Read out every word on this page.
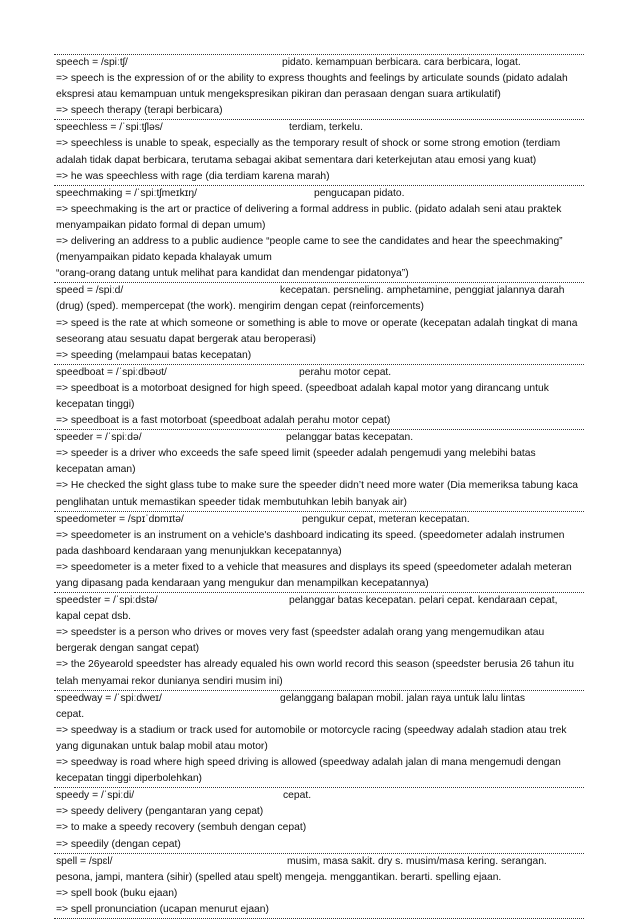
speech = /spiːtʃ/	pidato. kemampuan berbicara. cara berbicara, logat.
=> speech is the expression of or the ability to express thoughts and feelings by articulate sounds (pidato adalah ekspresi atau kemampuan untuk mengekspresikan pikiran dan perasaan dengan suara artikulatif)
=> speech therapy (terapi berbicara)
speechless = /ˈspiːtʃləs/	terdiam, terkelu.
=> speechless is unable to speak, especially as the temporary result of shock or some strong emotion (terdiam adalah tidak dapat berbicara, terutama sebagai akibat sementara dari keterkejutan atau emosi yang kuat)
=> he was speechless with rage (dia terdiam karena marah)
speechmaking = /ˈspiːtʃmeɪkɪŋ/	pengucapan pidato.
=> speechmaking is the art or practice of delivering a formal address in public. (pidato adalah seni atau praktek menyampaikan pidato formal di depan umum)
=> delivering an address to a public audience “people came to see the candidates and hear the speechmaking” (menyampaikan pidato kepada khalayak umum
“orang-orang datang untuk melihat para kandidat dan mendengar pidatonya”)
speed = /spiːd/	kecepatan. persneling. amphetamine, penggiat jalannya darah
(drug) (sped). mempercepat (the work). mengirim dengan cepat (reinforcements)
=> speed is the rate at which someone or something is able to move or operate (kecepatan adalah tingkat di mana seseorang atau sesuatu dapat bergerak atau beroperasi)
=> speeding (melampaui batas kecepatan)
speedboat = /ˈspiːdbəʊt/	perahu motor cepat.
=> speedboat is a motorboat designed for high speed. (speedboat adalah kapal motor yang dirancang untuk kecepatan tinggi)
=> speedboat is a fast motorboat (speedboat adalah perahu motor cepat)
speeder = /ˈspiːdə/	pelanggar batas kecepatan.
=> speeder is a driver who exceeds the safe speed limit (speeder adalah pengemudi yang melebihi batas kecepatan aman)
=> He checked the sight glass tube to make sure the speeder didn’t need more water (Dia memeriksa tabung kaca penglihatan untuk memastikan speeder tidak membutuhkan lebih banyak air)
speedometer = /spɪˈdɒmɪtə/	pengukur cepat, meteran kecepatan.
=> speedometer is an instrument on a vehicle's dashboard indicating its speed. (speedometer adalah instrumen pada dashboard kendaraan yang menunjukkan kecepatannya)
=> speedometer is a meter fixed to a vehicle that measures and displays its speed (speedometer adalah meteran yang dipasang pada kendaraan yang mengukur dan menampilkan kecepatannya)
speedster = /ˈspiːdstə/	pelanggar batas kecepatan. pelari cepat. kendaraan cepat,
kapal cepat dsb.
=> speedster is a person who drives or moves very fast (speedster adalah orang yang mengemudikan atau bergerak dengan sangat cepat)
=> the 26yearold speedster has already equaled his own world record this season (speedster berusia 26 tahun itu telah menyamai rekor dunianya sendiri musim ini)
speedway = /ˈspiːdweɪ/	gelanggang balapan mobil. jalan raya untuk lalu lintas
cepat.
=> speedway is a stadium or track used for automobile or motorcycle racing (speedway adalah stadion atau trek yang digunakan untuk balap mobil atau motor)
=> speedway is road where high speed driving is allowed (speedway adalah jalan di mana mengemudi dengan kecepatan tinggi diperbolehkan)
speedy = /ˈspiːdi/	cepat.
=> speedy delivery (pengantaran yang cepat)
=> to make a speedy recovery (sembuh dengan cepat)
=> speedily (dengan cepat)
spell = /spɛl/	musim, masa sakit. dry s. musim/masa kering. serangan.
pesona, jampi, mantera (sihir) (spelled atau spelt) mengeja. menggantikan. berarti. spelling ejaan.
=> spell book (buku ejaan)
=> spell pronunciation (ucapan menurut ejaan)
